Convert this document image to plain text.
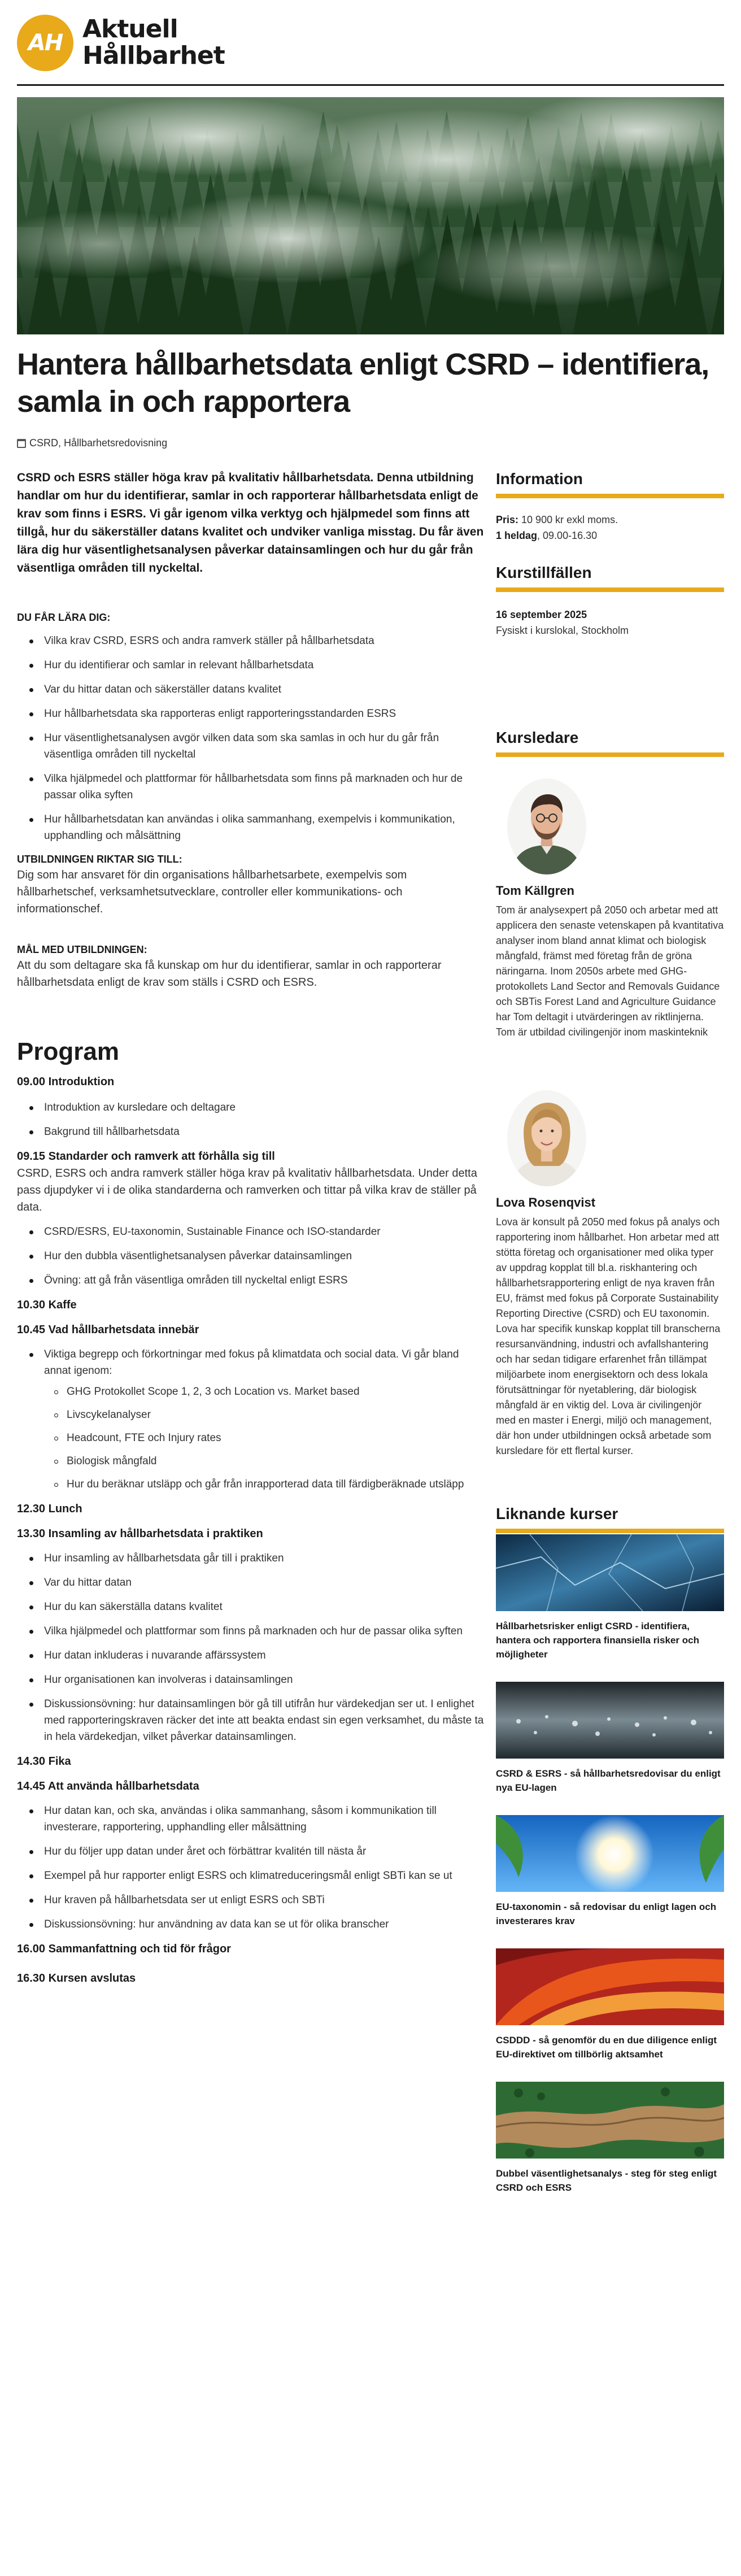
AH Aktuell
Hållbarhet
Hantera hållbarhetsdata enligt CSRD – identifiera, samla in och rapportera
CSRD, Hållbarhetsredovisning

CSRD och ESRS ställer höga krav på kvalitativ hållbarhetsdata. Denna utbildning handlar om hur du identifierar, samlar in och rapporterar hållbarhetsdata enligt de krav som finns i ESRS. Vi går igenom vilka verktyg och hjälpmedel som finns att tillgå, hur du säkerställer datans kvalitet och undviker vanliga misstag. Du får även lära dig hur väsentlighetsanalysen påverkar datainsamlingen och hur du går från väsentliga områden till nyckeltal.

DU FÅR LÄRA DIG:
Vilka krav CSRD, ESRS och andra ramverk ställer på hållbarhetsdata
Hur du identifierar och samlar in relevant hållbarhetsdata
Var du hittar datan och säkerställer datans kvalitet
Hur hållbarhetsdata ska rapporteras enligt rapporteringsstandarden ESRS
Hur väsentlighetsanalysen avgör vilken data som ska samlas in och hur du går från väsentliga områden till nyckeltal
Vilka hjälpmedel och plattformar för hållbarhetsdata som finns på marknaden och hur de passar olika syften
Hur hållbarhetsdatan kan användas i olika sammanhang, exempelvis i kommunikation, upphandling och målsättning
UTBILDNINGEN RIKTAR SIG TILL:

Dig som har ansvaret för din organisations hållbarhetsarbete, exempelvis som hållbarhetschef, verksamhetsutvecklare, controller eller kommunikations- och informationschef.

MÅL MED UTBILDNINGEN:

Att du som deltagare ska få kunskap om hur du identifierar, samlar in och rapporterar hållbarhetsdata enligt de krav som ställs i CSRD och ESRS.

Program
09.00 Introduktion
Introduktion av kursledare och deltagare
Bakgrund till hållbarhetsdata
09.15 Standarder och ramverk att förhålla sig till

CSRD, ESRS och andra ramverk ställer höga krav på kvalitativ hållbarhetsdata. Under detta pass djupdyker vi i de olika standarderna och ramverken och tittar på vilka krav de ställer på data.

CSRD/ESRS, EU-taxonomin, Sustainable Finance och ISO-standarder
Hur den dubbla väsentlighetsanalysen påverkar datainsamlingen
Övning: att gå från väsentliga områden till nyckeltal enligt ESRS
10.30 Kaffe
10.45 Vad hållbarhetsdata innebär
Viktiga begrepp och förkortningar med fokus på klimatdata och social data. Vi går bland annat igenom:
GHG Protokollet Scope 1, 2, 3 och Location vs. Market based
Livscykelanalyser
Headcount, FTE och Injury rates
Biologisk mångfald
Hur du beräknar utsläpp och går från inrapporterad data till färdigberäknade utsläpp
12.30 Lunch
13.30 Insamling av hållbarhetsdata i praktiken
Hur insamling av hållbarhetsdata går till i praktiken
Var du hittar datan
Hur du kan säkerställa datans kvalitet
Vilka hjälpmedel och plattformar som finns på marknaden och hur de passar olika syften
Hur datan inkluderas i nuvarande affärssystem
Hur organisationen kan involveras i datainsamlingen
Diskussionsövning: hur datainsamlingen bör gå till utifrån hur värdekedjan ser ut. I enlighet med rapporteringskraven räcker det inte att beakta endast sin egen verksamhet, du måste ta in hela värdekedjan, vilket påverkar datainsamlingen.
14.30 Fika
14.45 Att använda hållbarhetsdata
Hur datan kan, och ska, användas i olika sammanhang, såsom i kommunikation till investerare, rapportering, upphandling eller målsättning
Hur du följer upp datan under året och förbättrar kvalitén till nästa år
Exempel på hur rapporter enligt ESRS och klimatreduceringsmål enligt SBTi kan se ut
Hur kraven på hållbarhetsdata ser ut enligt ESRS och SBTi
Diskussionsövning: hur användning av data kan se ut för olika branscher
16.00 Sammanfattning och tid för frågor
16.30 Kursen avslutas
Information
Pris: 10 900 kr exkl moms.
1 heldag, 09.00-16.30
Kurstillfällen
16 september 2025
Fysiskt i kurslokal, Stockholm
Kursledare
Tom Källgren

Tom är analysexpert på 2050 och arbetar med att applicera den senaste vetenskapen på kvantitativa analyser inom bland annat klimat och biologisk mångfald, främst med företag från de gröna näringarna. Inom 2050s arbete med GHG-protokollets Land Sector and Removals Guidance och SBTis Forest Land and Agriculture Guidance har Tom deltagit i utvärderingen av riktlinjerna. Tom är utbildad civilingenjör inom maskinteknik

Lova Rosenqvist

Lova är konsult på 2050 med fokus på analys och rapportering inom hållbarhet. Hon arbetar med att stötta företag och organisationer med olika typer av uppdrag kopplat till bl.a. riskhantering och hållbarhetsrapportering enligt de nya kraven från EU, främst med fokus på Corporate Sustainability Reporting Directive (CSRD) och EU taxonomin. Lova har specifik kunskap kopplat till branscherna resursanvändning, industri och avfallshantering och har sedan tidigare erfarenhet från tillämpat miljöarbete inom energisektorn och dess lokala förutsättningar för nyetablering, där biologisk mångfald är en viktig del. Lova är civilingenjör med en master i Energi, miljö och management, där hon under utbildningen också arbetade som kursledare för ett flertal kurser.

Liknande kurser
Hållbarhetsrisker enligt CSRD - identifiera, hantera och rapportera finansiella risker och möjligheter
CSRD & ESRS - så hållbarhetsredovisar du enligt nya EU-lagen
EU-taxonomin - så redovisar du enligt lagen och investerares krav
CSDDD - så genomför du en due diligence enligt EU-direktivet om tillbörlig aktsamhet
Dubbel väsentlighetsanalys - steg för steg enligt CSRD och ESRS
